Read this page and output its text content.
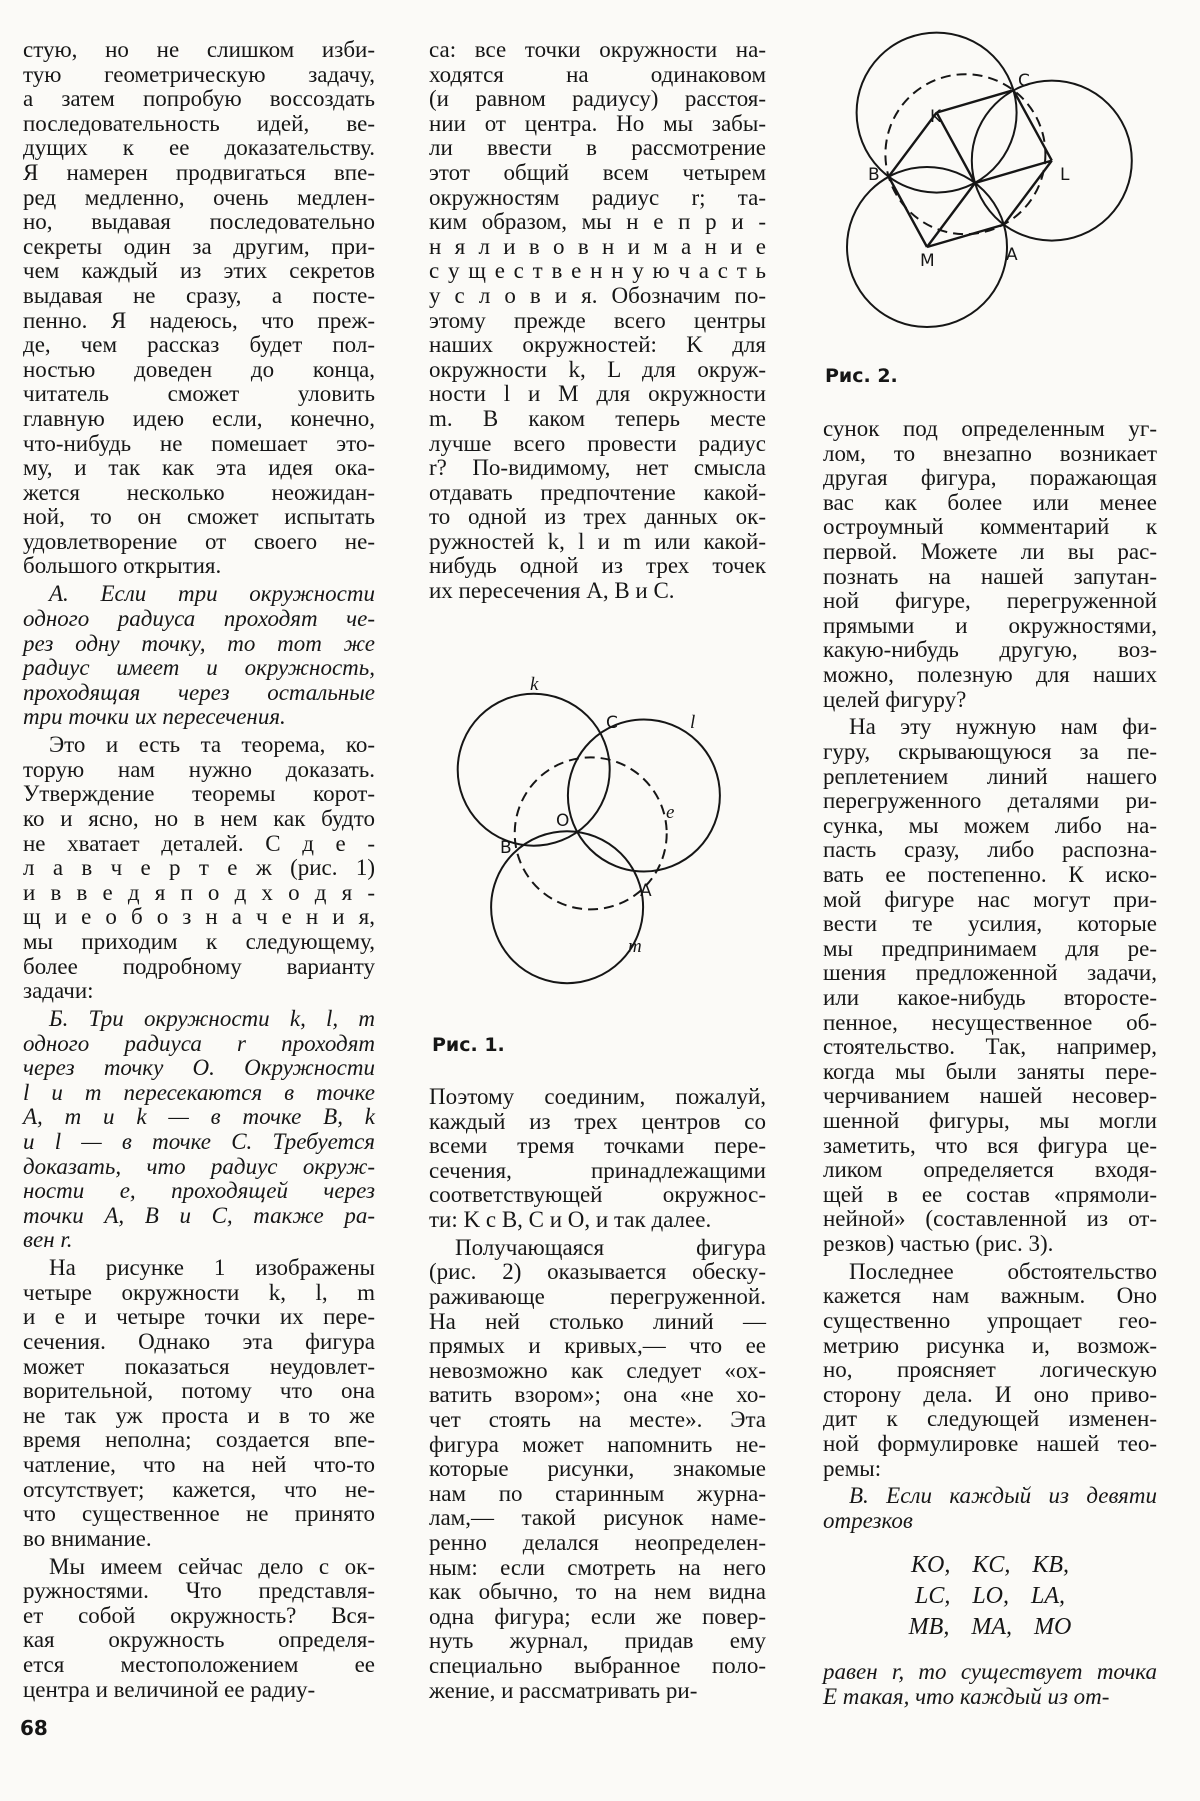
стую, но не слишком изби-
тую геометрическую задачу,
а затем попробую воссоздать
последовательность идей, ве-
дущих к ее доказательству.
Я намерен продвигаться впе-
ред медленно, очень медлен-
но, выдавая последовательно
секреты один за другим, при-
чем каждый из этих секретов
выдавая не сразу, а посте-
пенно. Я надеюсь, что преж-
де, чем рассказ будет пол-
ностью доведен до конца,
читатель сможет уловить
главную идею если, конечно,
что-нибудь не помешает это-
му, и так как эта идея ока-
жется несколько неожидан-
ной, то он сможет испытать
удовлетворение от своего не-
большого открытия.
А. Если три окружности
одного радиуса проходят че-
рез одну точку, то тот же
радиус имеет и окружность,
проходящая через остальные
три точки их пересечения.
Это и есть та теорема, ко-
торую нам нужно доказать.
Утверждение теоремы корот-
ко и ясно, но в нем как будто
не хватает деталей. С д е -
л а в ч е р т е ж (рис. 1)
и в в е д я п о д х о д я -
щ и е о б о з н а ч е н и я,
мы приходим к следующему,
более подробному варианту
задачи:
Б. Три окружности k, l, m
одного радиуса r проходят
через точку O. Окружности
l и m пересекаются в точке
A, m и k — в точке B, k
и l — в точке C. Требуется
доказать, что радиус окруж-
ности e, проходящей через
точки A, B и C, также ра-
вен r.
На рисунке 1 изображены
четыре окружности k, l, m
и e и четыре точки их пере-
сечения. Однако эта фигура
может показаться неудовлет-
ворительной, потому что она
не так уж проста и в то же
время неполна; создается впе-
чатление, что на ней что-то
отсутствует; кажется, что не-
что существенное не принято
во внимание.
Мы имеем сейчас дело с ок-
ружностями. Что представля-
ет собой окружность? Вся-
кая окружность определя-
ется местоположением ее
центра и величиной ее радиу-
са: все точки окружности на-
ходятся на одинаковом
(и равном радиусу) расстоя-
нии от центра. Но мы забы-
ли ввести в рассмотрение
этот общий всем четырем
окружностям радиус r; та-
ким образом, мы н е п р и -
н я л и в о в н и м а н и е
с у щ е с т в е н н у ю ч а с т ь
у с л о в и я. Обозначим по-
этому прежде всего центры
наших окружностей: K для
окружности k, L для окруж-
ности l и M для окружности
m. В каком теперь месте
лучше всего провести радиус
r? По-видимому, нет смысла
отдавать предпочтение какой-
то одной из трех данных ок-
ружностей k, l и m или какой-
нибудь одной из трех точек
их пересечения A, B и C.
Поэтому соединим, пожалуй,
каждый из трех центров со
всеми тремя точками пере-
сечения, принадлежащими
соответствующей окружнос-
ти: K с B, C и O, и так далее.
Получающаяся фигура
(рис. 2) оказывается обеску-
раживающе перегруженной.
На ней столько линий —
прямых и кривых,— что ее
невозможно как следует «ох-
ватить взором»; она «не хо-
чет стоять на месте». Эта
фигура может напомнить не-
которые рисунки, знакомые
нам по старинным журна-
лам,— такой рисунок наме-
ренно делался неопределен-
ным: если смотреть на него
как обычно, то на нем видна
одна фигура; если же повер-
нуть журнал, придав ему
специально выбранное поло-
жение, и рассматривать ри-
сунок под определенным уг-
лом, то внезапно возникает
другая фигура, поражающая
вас как более или менее
остроумный комментарий к
первой. Можете ли вы рас-
познать на нашей запутан-
ной фигуре, перегруженной
прямыми и окружностями,
какую-нибудь другую, воз-
можно, полезную для наших
целей фигуру?
На эту нужную нам фи-
гуру, скрывающуюся за пе-
реплетением линий нашего
перегруженного деталями ри-
сунка, мы можем либо на-
пасть сразу, либо распозна-
вать ее постепенно. К иско-
мой фигуре нас могут при-
вести те усилия, которые
мы предпринимаем для ре-
шения предложенной задачи,
или какое-нибудь второсте-
пенное, несущественное об-
стоятельство. Так, например,
когда мы были заняты пере-
черчиванием нашей несовер-
шенной фигуры, мы могли
заметить, что вся фигура це-
ликом определяется входя-
щей в ее состав «прямоли-
нейной» (составленной из от-
резков) частью (рис. 3).
Последнее обстоятельство
кажется нам важным. Оно
существенно упрощает гео-
метрию рисунка и, возмож-
но, проясняет логическую
сторону дела. И оно приво-
дит к следующей изменен-
ной формулировке нашей тео-
ремы:
В. Если каждый из девяти
отрезков
KO, KC, KB,
LC, LO, LA,
MB, MA, MO
равен r, то существует точка
E такая, что каждый из от-
Рис. 1.
Рис. 2.
68
k
C	l
e
O
B
A
m
C
K
B	L
M	A
